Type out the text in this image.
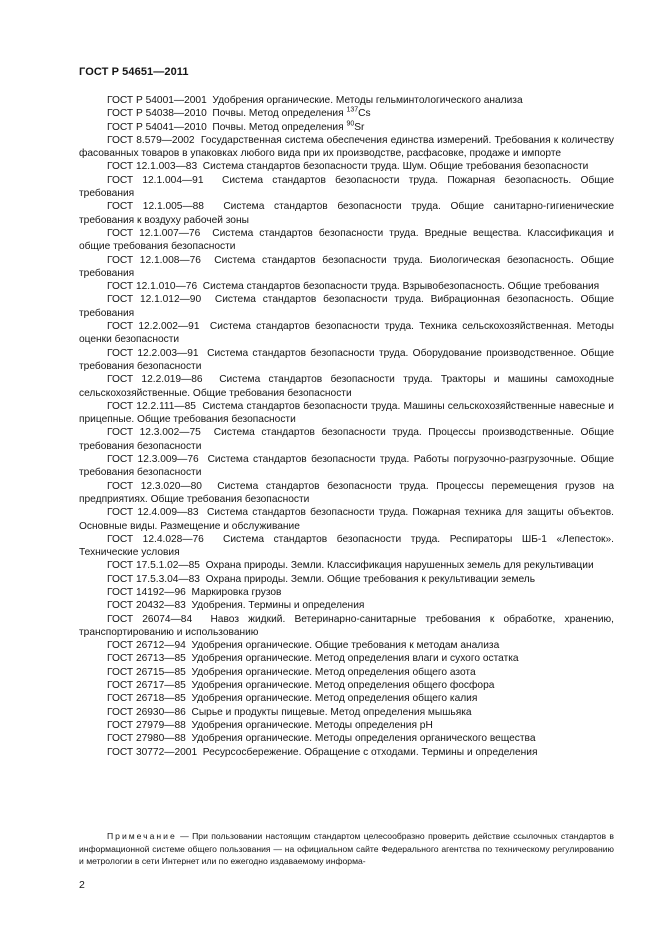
ГОСТ Р 54651—2011

ГОСТ Р 54001—2001 Удобрения органические. Методы гельминтологического анализа

ГОСТ Р 54038—2010 Почвы. Метод определения $^{137}$Cs

ГОСТ Р 54041—2010 Почвы. Метод определения $^{90}$Sr

ГОСТ 8.579—2002 Государственная система обеспечения единства измерений. Требования к количеству фасованных товаров в упаковках любого вида при их производстве, расфасовке, продаже и импорте

ГОСТ 12.1.003—83 Система стандартов безопасности труда. Шум. Общие требования безопасности

ГОСТ 12.1.004—91 Система стандартов безопасности труда. Пожарная безопасность. Общие требования

ГОСТ 12.1.005—88 Система стандартов безопасности труда. Общие санитарно-гигиенические требования к воздуху рабочей зоны

ГОСТ 12.1.007—76 Система стандартов безопасности труда. Вредные вещества. Классификация и общие требования безопасности

ГОСТ 12.1.008—76 Система стандартов безопасности труда. Биологическая безопасность. Общие требования

ГОСТ 12.1.010—76 Система стандартов безопасности труда. Взрывобезопасность. Общие требования

ГОСТ 12.1.012—90 Система стандартов безопасности труда. Вибрационная безопасность. Общие требования

ГОСТ 12.2.002—91 Система стандартов безопасности труда. Техника сельскохозяйственная. Методы оценки безопасности

ГОСТ 12.2.003—91 Система стандартов безопасности труда. Оборудование производственное. Общие требования безопасности

ГОСТ 12.2.019—86 Система стандартов безопасности труда. Тракторы и машины самоходные сельскохозяйственные. Общие требования безопасности

ГОСТ 12.2.111—85 Система стандартов безопасности труда. Машины сельскохозяйственные навесные и прицепные. Общие требования безопасности

ГОСТ 12.3.002—75 Система стандартов безопасности труда. Процессы производственные. Общие требования безопасности

ГОСТ 12.3.009—76 Система стандартов безопасности труда. Работы погрузочно-разгрузочные. Общие требования безопасности

ГОСТ 12.3.020—80 Система стандартов безопасности труда. Процессы перемещения грузов на предприятиях. Общие требования безопасности

ГОСТ 12.4.009—83 Система стандартов безопасности труда. Пожарная техника для защиты объектов. Основные виды. Размещение и обслуживание

ГОСТ 12.4.028—76 Система стандартов безопасности труда. Респираторы ШБ-1 «Лепесток». Технические условия

ГОСТ 17.5.1.02—85 Охрана природы. Земли. Классификация нарушенных земель для рекультивации

ГОСТ 17.5.3.04—83 Охрана природы. Земли. Общие требования к рекультивации земель

ГОСТ 14192—96 Маркировка грузов

ГОСТ 20432—83 Удобрения. Термины и определения

ГОСТ 26074—84 Навоз жидкий. Ветеринарно-санитарные требования к обработке, хранению, транспортированию и использованию

ГОСТ 26712—94 Удобрения органические. Общие требования к методам анализа

ГОСТ 26713—85 Удобрения органические. Метод определения влаги и сухого остатка

ГОСТ 26715—85 Удобрения органические. Метод определения общего азота

ГОСТ 26717—85 Удобрения органические. Метод определения общего фосфора

ГОСТ 26718—85 Удобрения органические. Метод определения общего калия

ГОСТ 26930—86 Сырье и продукты пищевые. Метод определения мышьяка

ГОСТ 27979—88 Удобрения органические. Методы определения pH

ГОСТ 27980—88 Удобрения органические. Методы определения органического вещества

ГОСТ 30772—2001 Ресурсосбережение. Обращение с отходами. Термины и определения

Примечание — При пользовании настоящим стандартом целесообразно проверить действие ссылочных стандартов в информационной системе общего пользования — на официальном сайте Федерального агентства по техническому регулированию и метрологии в сети Интернет или по ежегодно издаваемому информа-

2
